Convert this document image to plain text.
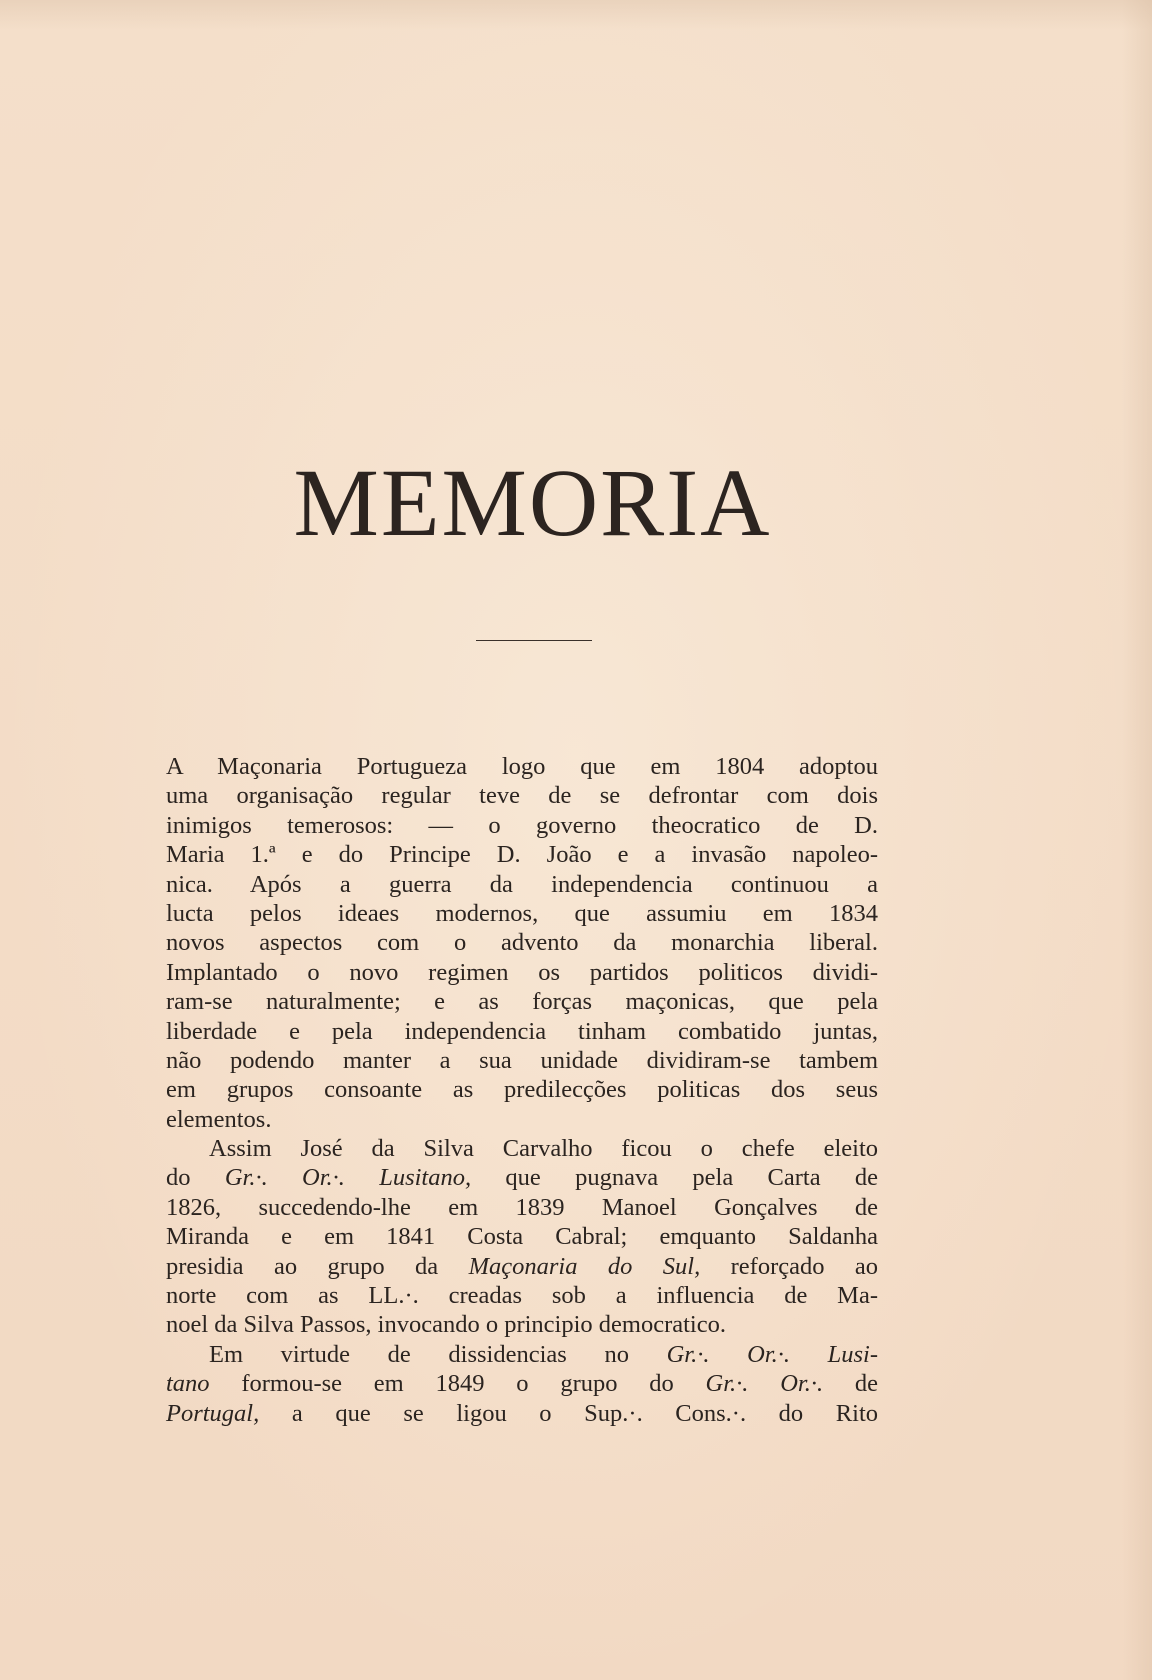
MEMORIA
A Maçonaria Portugueza logo que em 1804 adoptou
uma organisação regular teve de se defrontar com dois
inimigos temerosos: — o governo theocratico de D.
Maria 1.ª e do Principe D. João e a invasão napoleo-
nica. Após a guerra da independencia continuou a
lucta pelos ideaes modernos, que assumiu em 1834
novos aspectos com o advento da monarchia liberal.
Implantado o novo regimen os partidos politicos dividi-
ram-se naturalmente; e as forças maçonicas, que pela
liberdade e pela independencia tinham combatido juntas,
não podendo manter a sua unidade dividiram-se tambem
em grupos consoante as predilecções politicas dos seus
elementos.
Assim José da Silva Carvalho ficou o chefe eleito
do Gr.·. Or.·. Lusitano, que pugnava pela Carta de
1826, succedendo-lhe em 1839 Manoel Gonçalves de
Miranda e em 1841 Costa Cabral; emquanto Saldanha
presidia ao grupo da Maçonaria do Sul, reforçado ao
norte com as LL.·. creadas sob a influencia de Ma-
noel da Silva Passos, invocando o principio democratico.
Em virtude de dissidencias no Gr.·. Or.·. Lusi-
tano formou-se em 1849 o grupo do Gr.·. Or.·. de
Portugal, a que se ligou o Sup.·. Cons.·. do Rito
